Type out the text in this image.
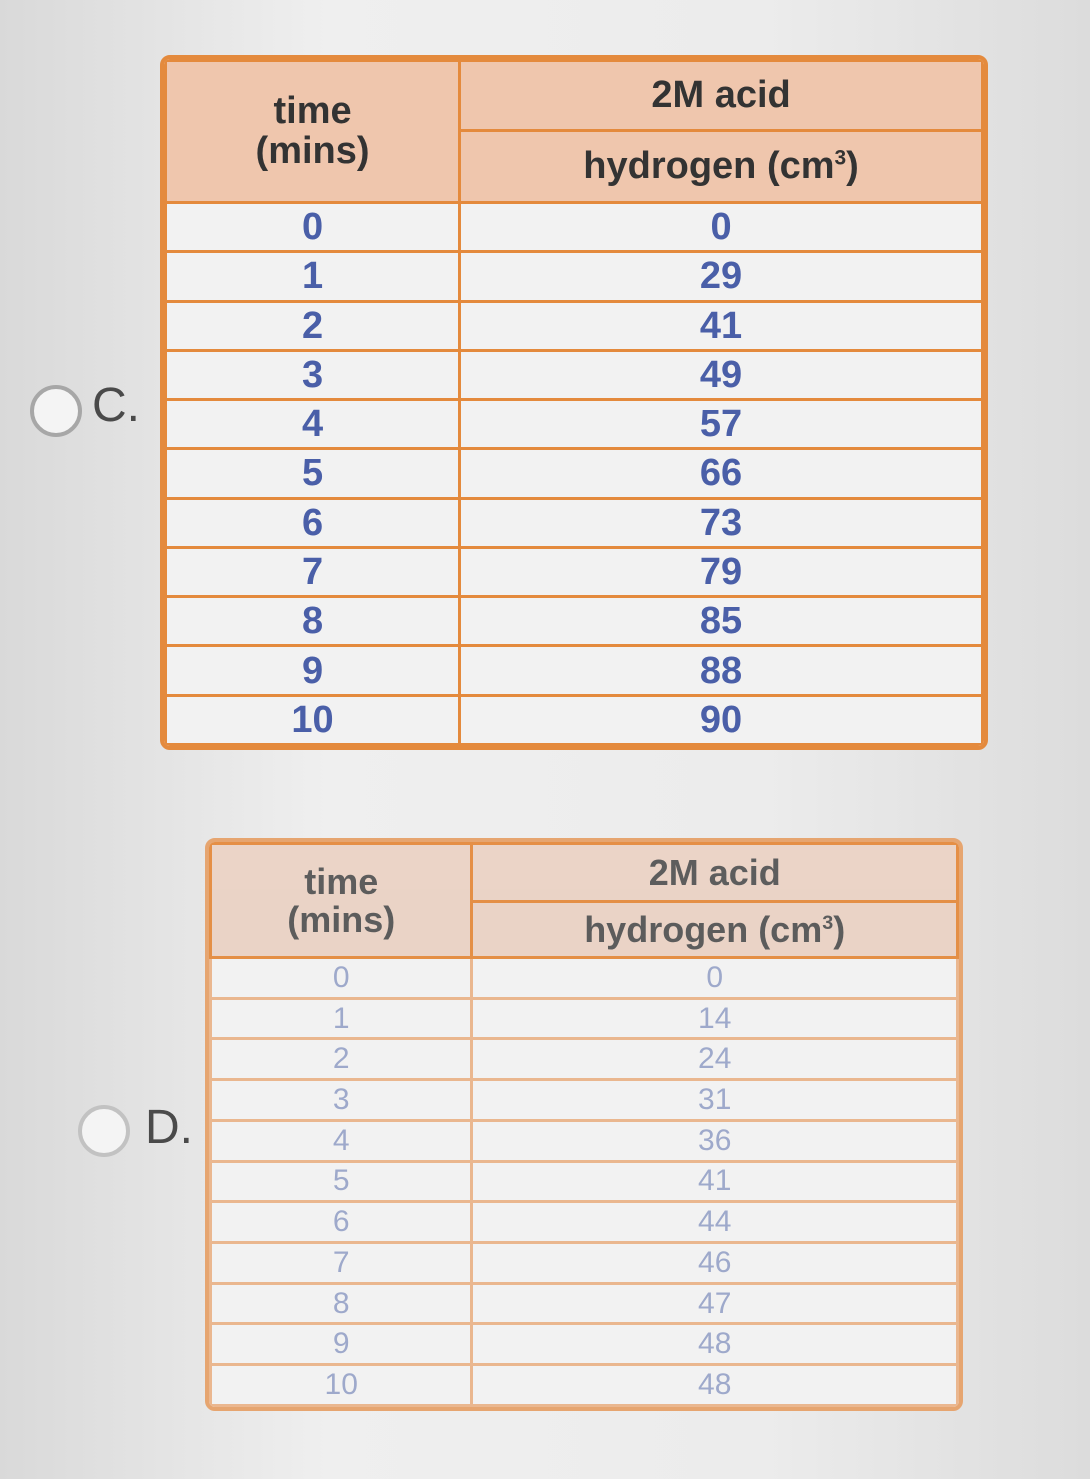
C.
time
(mins)	2M acid
	hydrogen $(cm^3)$
0	0
1	29
2	41
3	49
4	57
5	66
6	73
7	79
8	85
9	88
10	90
D.
time
(mins)	2M acid
	hydrogen $(cm^3)$
0	0
1	14
2	24
3	31
4	36
5	41
6	44
7	46
8	47
9	48
10	48
